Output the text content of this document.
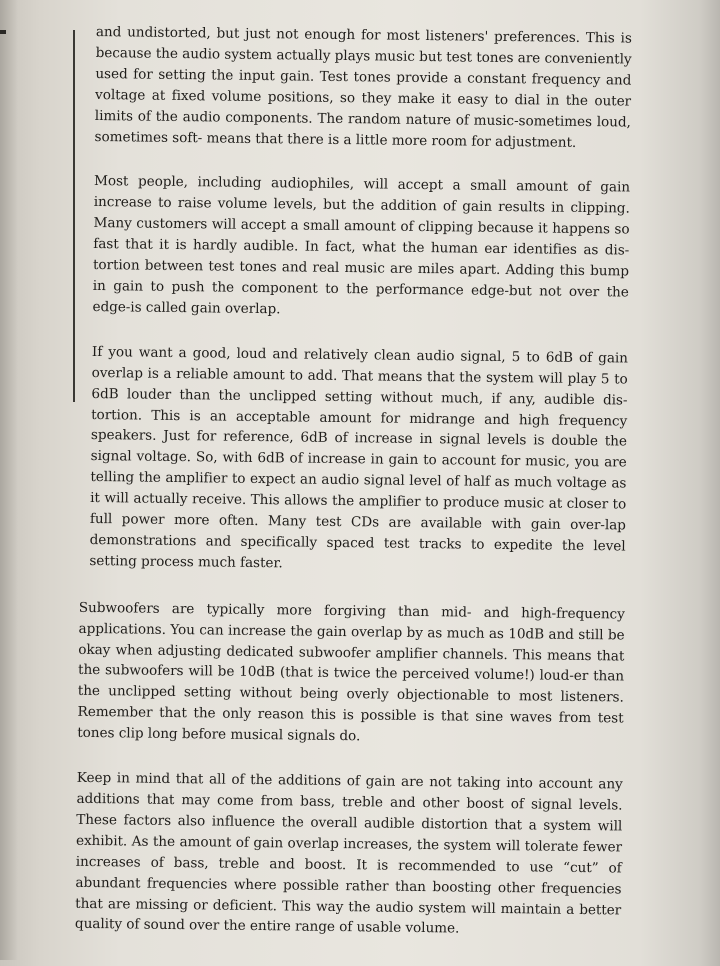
and undistorted, but just not enough for most listeners' preferences. This is because the audio system actually plays music but test tones are conveniently used for setting the input gain. Test tones provide a constant frequency and voltage at fixed volume positions, so they make it easy to dial in the outer limits of the audio components. The random nature of music-sometimes loud, sometimes soft- means that there is a little more room for adjustment.

Most people, including audiophiles, will accept a small amount of gain increase to raise volume levels, but the addition of gain results in clipping. Many customers will accept a small amount of clipping because it happens so fast that it is hardly audible. In fact, what the human ear identifies as dis-tortion between test tones and real music are miles apart. Adding this bump in gain to push the component to the performance edge-but not over the edge-is called gain overlap.

If you want a good, loud and relatively clean audio signal, 5 to 6dB of gain overlap is a reliable amount to add. That means that the system will play 5 to 6dB louder than the unclipped setting without much, if any, audible dis-tortion. This is an acceptable amount for midrange and high frequency speakers. Just for reference, 6dB of increase in signal levels is double the signal voltage. So, with 6dB of increase in gain to account for music, you are telling the amplifier to expect an audio signal level of half as much voltage as it will actually receive. This allows the amplifier to produce music at closer to full power more often. Many test CDs are available with gain over-lap demonstrations and specifically spaced test tracks to expedite the level setting process much faster.

Subwoofers are typically more forgiving than mid- and high-frequency applications. You can increase the gain overlap by as much as 10dB and still be okay when adjusting dedicated subwoofer amplifier channels. This means that the subwoofers will be 10dB (that is twice the perceived volume!) loud-er than the unclipped setting without being overly objectionable to most listeners. Remember that the only reason this is possible is that sine waves from test tones clip long before musical signals do.

Keep in mind that all of the additions of gain are not taking into account any additions that may come from bass, treble and other boost of signal levels. These factors also influence the overall audible distortion that a system will exhibit. As the amount of gain overlap increases, the system will tolerate fewer increases of bass, treble and boost. It is recommended to use “cut” of abundant frequencies where possible rather than boosting other frequencies that are missing or deficient. This way the audio system will maintain a better quality of sound over the entire range of usable volume.
